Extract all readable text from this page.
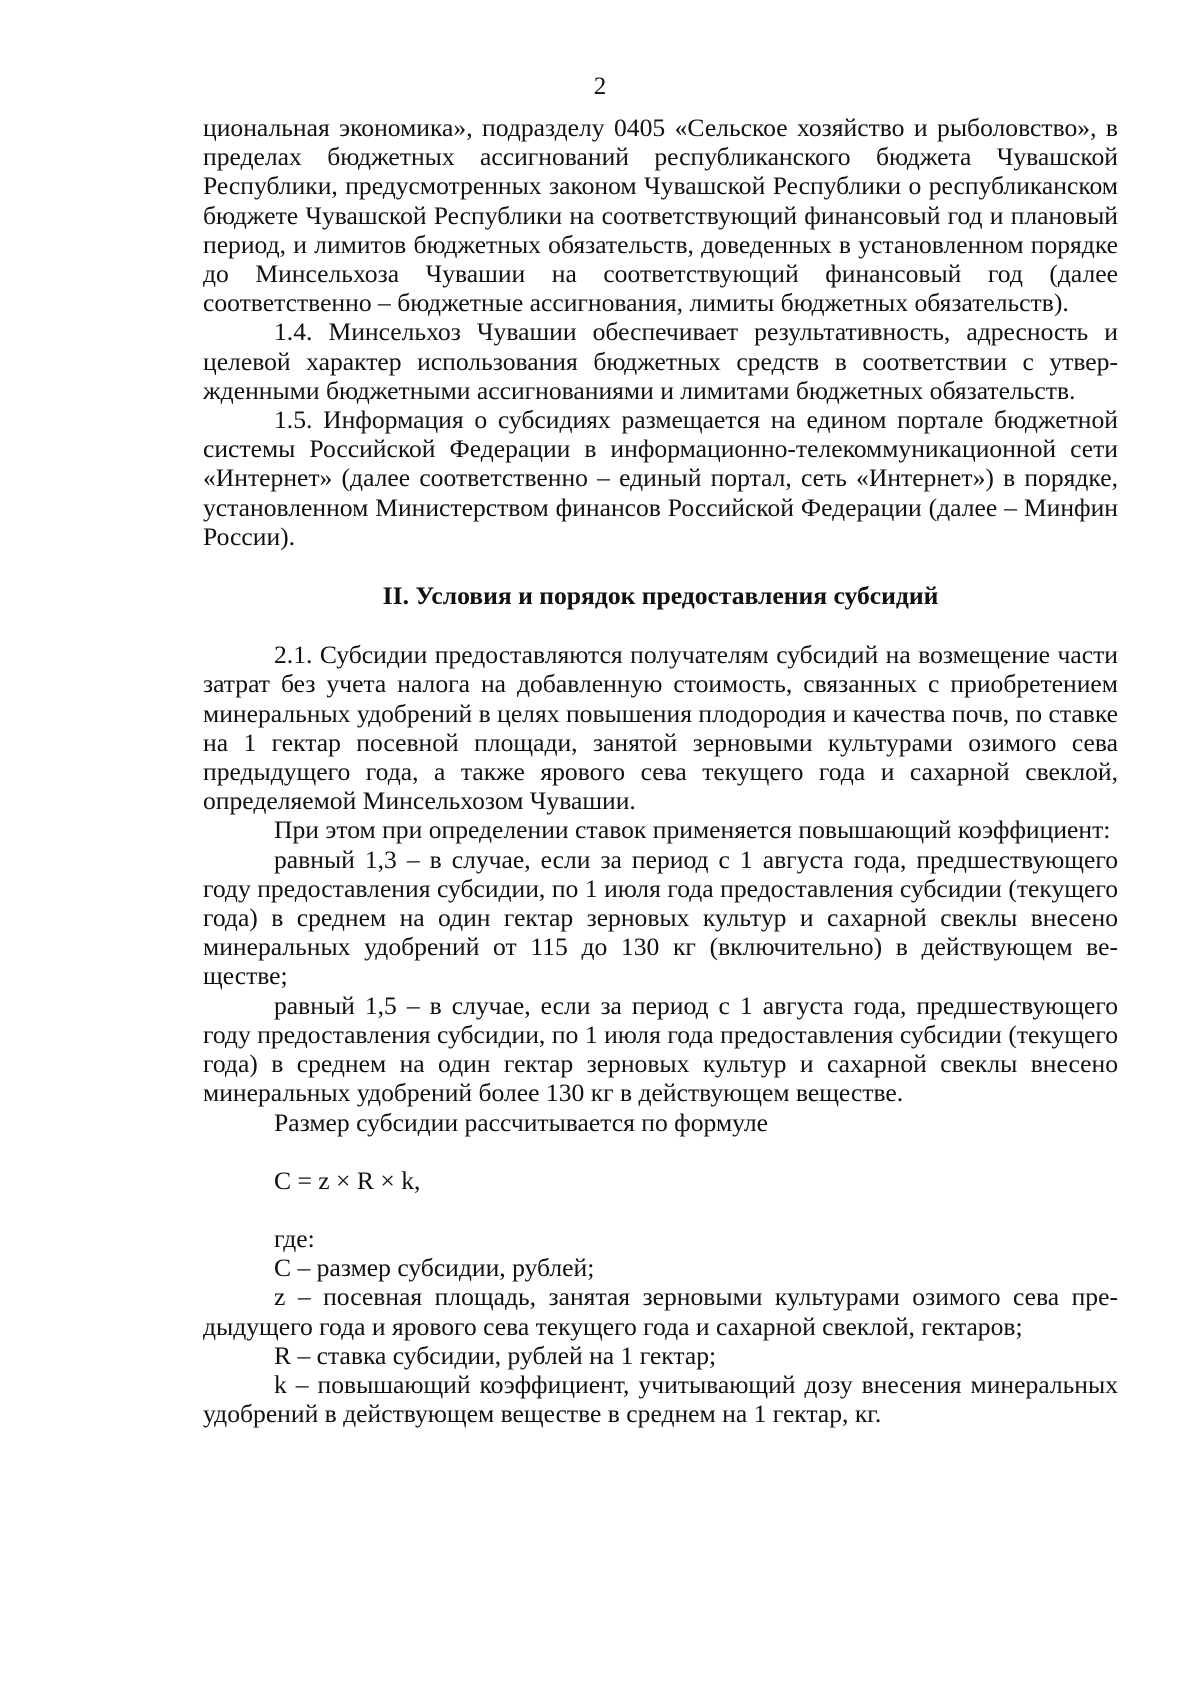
2

циональная экономика», подразделу 0405 «Сельское хозяйство и рыболовство», в пределах бюджетных ассигнований республиканского бюджета Чувашской Республики, предусмотренных законом Чувашской Республики о республиканском бюджете Чувашской Республики на соответствующий финансовый год и плановый период, и лимитов бюджетных обязательств, доведенных в установленном порядке до Минсельхоза Чувашии на соответствующий финансовый год (далее соответственно – бюджетные ассигнования, лимиты бюджетных обязательств).

1.4. Минсельхоз Чувашии обеспечивает результативность, адресность и целевой характер использования бюджетных средств в соответствии с утвержденными бюджетными ассигнованиями и лимитами бюджетных обязательств.

1.5. Информация о субсидиях размещается на едином портале бюджетной системы Российской Федерации в информационно-телекоммуникационной сети «Интернет» (далее соответственно – единый портал, сеть «Интернет») в порядке, установленном Министерством финансов Российской Федерации (далее – Минфин России).

II. Условия и порядок предоставления субсидий

2.1. Субсидии предоставляются получателям субсидий на возмещение части затрат без учета налога на добавленную стоимость, связанных с приобретением минеральных удобрений в целях повышения плодородия и качества почв, по ставке на 1 гектар посевной площади, занятой зерновыми культурами озимого сева предыдущего года, а также ярового сева текущего года и сахарной свеклой, определяемой Минсельхозом Чувашии.

При этом при определении ставок применяется повышающий коэффициент:

равный 1,3 – в случае, если за период с 1 августа года, предшествующего году предоставления субсидии, по 1 июля года предоставления субсидии (текущего года) в среднем на один гектар зерновых культур и сахарной свеклы внесено минеральных удобрений от 115 до 130 кг (включительно) в действующем веществе;

равный 1,5 – в случае, если за период с 1 августа года, предшествующего году предоставления субсидии, по 1 июля года предоставления субсидии (текущего года) в среднем на один гектар зерновых культур и сахарной свеклы внесено минеральных удобрений более 130 кг в действующем веществе.

Размер субсидии рассчитывается по формуле

C = z × R × k,

где:

C – размер субсидии, рублей;

z – посевная площадь, занятая зерновыми культурами озимого сева предыдущего года и ярового сева текущего года и сахарной свеклой, гектаров;

R – ставка субсидии, рублей на 1 гектар;

k – повышающий коэффициент, учитывающий дозу внесения минеральных удобрений в действующем веществе в среднем на 1 гектар, кг.
